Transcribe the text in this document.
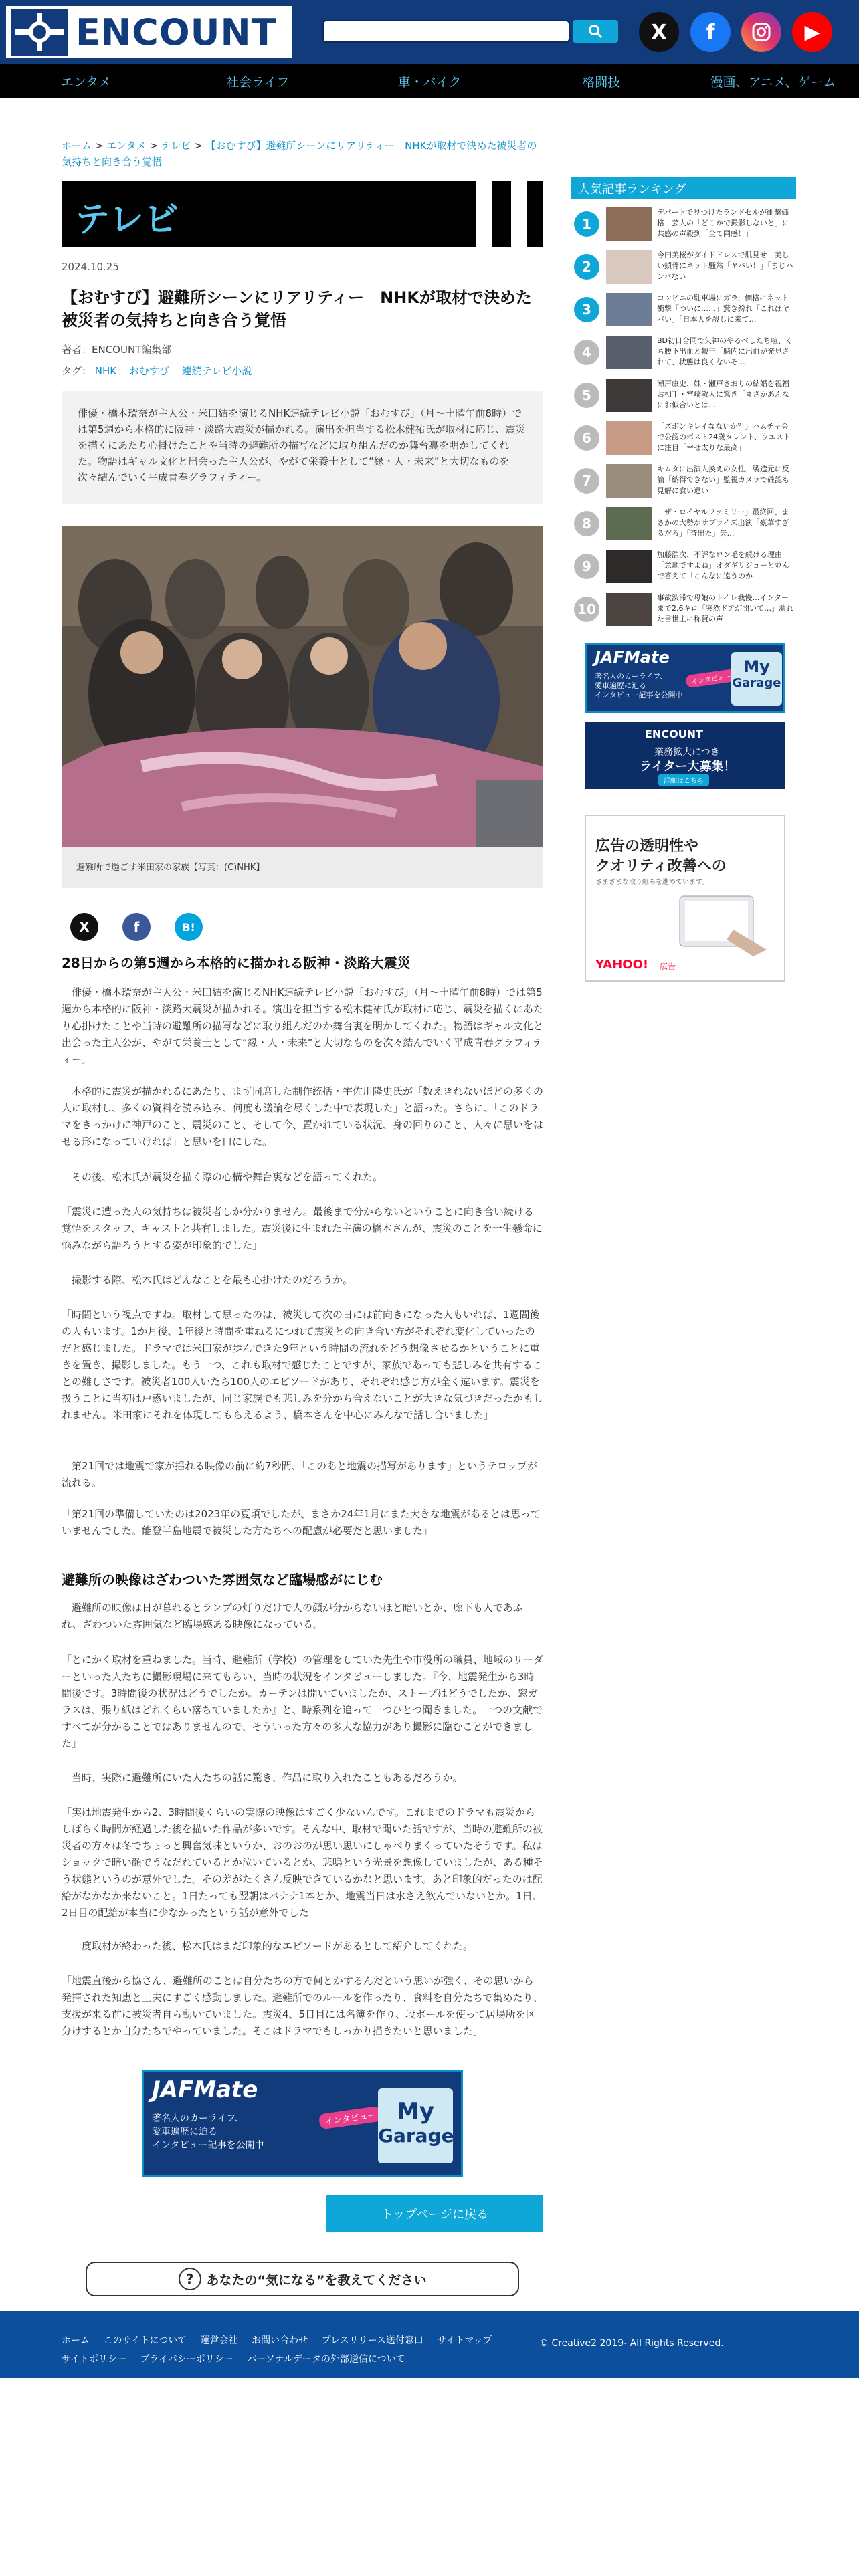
ENCOUNT	X	f	▶
エンタメ	社会ライフ	車・バイク	格闘技	漫画、アニメ、ゲーム
ホーム > エンタメ > テレビ > 【おむすび】避難所シーンにリアリティー　NHKが取材で決めた被災者の気持ちと向き合う覚悟
テレビ
2024.10.25
【おむすび】避難所シーンにリアリティー　NHKが取材で決めた被災者の気持ちと向き合う覚悟
著者：ENCOUNT編集部
タグ： NHK おむすび 連続テレビ小説
俳優・橋本環奈が主人公・米田結を演じるNHK連続テレビ小説「おむすび」（月〜土曜午前8時）では第5週から本格的に阪神・淡路大震災が描かれる。演出を担当する松木健祐氏が取材に応じ、震災を描くにあたり心掛けたことや当時の避難所の描写などに取り組んだのか舞台裏を明かしてくれた。物語はギャル文化と出会った主人公が、やがて栄養士として“縁・人・未来”と大切なものを次々結んでいく平成青春グラフィティー。
避難所で過ごす米田家の家族【写真：(C)NHK】
X	f	B!
28日からの第5週から本格的に描かれる阪神・淡路大震災

　俳優・橋本環奈が主人公・米田結を演じるNHK連続テレビ小説「おむすび」（月〜土曜午前8時）では第5週から本格的に阪神・淡路大震災が描かれる。演出を担当する松木健祐氏が取材に応じ、震災を描くにあたり心掛けたことや当時の避難所の描写などに取り組んだのか舞台裏を明かしてくれた。物語はギャル文化と出会った主人公が、やがて栄養士として“縁・人・未来”と大切なものを次々結んでいく平成青春グラフィティー。

　本格的に震災が描かれるにあたり、まず同席した制作統括・宇佐川隆史氏が「数えきれないほどの多くの人に取材し、多くの資料を読み込み、何度も議論を尽くした中で表現した」と語った。さらに、「このドラマをきっかけに神戸のこと、震災のこと、そして今、置かれている状況、身の回りのこと、人々に思いをはせる形になっていければ」と思いを口にした。

　その後、松木氏が震災を描く際の心構や舞台裏などを語ってくれた。

「震災に遭った人の気持ちは被災者しか分かりません。最後まで分からないということに向き合い続ける覚悟をスタッフ、キャストと共有しました。震災後に生まれた主演の橋本さんが、震災のことを一生懸命に悩みながら語ろうとする姿が印象的でした」

　撮影する際、松木氏はどんなことを最も心掛けたのだろうか。

「時間という視点ですね。取材して思ったのは、被災して次の日には前向きになった人もいれば、1週間後の人もいます。1か月後、1年後と時間を重ねるにつれて震災との向き合い方がそれぞれ変化していったのだと感じました。ドラマでは米田家が歩んできた9年という時間の流れをどう想像させるかということに重きを置き、撮影しました。もう一つ、これも取材で感じたことですが、家族であっても悲しみを共有することの難しさです。被災者100人いたら100人のエピソードがあり、それぞれ感じ方が全く違います。震災を扱うことに当初は戸惑いましたが、同じ家族でも悲しみを分かち合えないことが大きな気づきだったかもしれません。米田家にそれを体現してもらえるよう、橋本さんを中心にみんなで話し合いました」

　第21回では地震で家が揺れる映像の前に約7秒間、「このあと地震の描写があります」というテロップが流れる。

「第21回の準備していたのは2023年の夏頃でしたが、まさか24年1月にまた大きな地震があるとは思っていませんでした。能登半島地震で被災した方たちへの配慮が必要だと思いました」

避難所の映像はざわついた雰囲気など臨場感がにじむ

　避難所の映像は日が暮れるとランプの灯りだけで人の顔が分からないほど暗いとか、廊下も人であふれ、ざわついた雰囲気など臨場感ある映像になっている。

「とにかく取材を重ねました。当時、避難所（学校）の管理をしていた先生や市役所の職員、地域のリーダーといった人たちに撮影現場に来てもらい、当時の状況をインタビューしました。『今、地震発生から3時間後です。3時間後の状況はどうでしたか。カーテンは開いていましたか、ストーブはどうでしたか、窓ガラスは、張り紙はどれくらい落ちていましたか』と、時系列を追って一つひとつ聞きました。一つの文献ですべてが分かることではありませんので、そういった方々の多大な協力があり撮影に臨むことができました」

　当時、実際に避難所にいた人たちの話に驚き、作品に取り入れたこともあるだろうか。

「実は地震発生から2、3時間後くらいの実際の映像はすごく少ないんです。これまでのドラマも震災からしばらく時間が経過した後を描いた作品が多いです。そんな中、取材で聞いた話ですが、当時の避難所の被災者の方々は冬でちょっと興奮気味というか、おのおのが思い思いにしゃべりまくっていたそうです。私はショックで暗い顔でうなだれているとか泣いているとか、悲鳴という光景を想像していましたが、ある種そう状態というのが意外でした。その差がたくさん反映できているかなと思います。あと印象的だったのは配給がなかなか来ないこと。1日たっても翌朝はバナナ1本とか、地震当日は水さえ飲んでいないとか。1日、2日目の配給が本当に少なかったという話が意外でした」

　一度取材が終わった後、松木氏はまだ印象的なエピソードがあるとして紹介してくれた。

「地震直後から協さん、避難所のことは自分たちの方で何とかするんだという思いが強く、その思いから発揮された知恵と工夫にすごく感動しました。避難所でのルールを作ったり、食料を自分たちで集めたり、支援が来る前に被災者自ら動いていました。震災4、5日目には名簿を作り、段ボールを使って居場所を区分けするとか自分たちでやっていました。そこはドラマでもしっかり描きたいと思いました」

JAFMate
著名人のカーライフ、
愛車遍歴に迫る
インタビュー記事を公開中
インタビュー My
Garage
トップページに戻る
?	あなたの“気になる”を教えてください
人気記事ランキング
1
デパートで見つけたランドセルが衝撃価格　芸人の「どこかで撮影しないと」に共感の声殺到「全て同感！」
2
今田美桜がダイドドレスで肌見せ　美しい鎖骨にネット騒然「ヤバい！」「まじハンパない」
3
コンビニの駐車場にガラ、価格にネット衝撃「ついに……」驚き紛れ「これはヤバい」「日本人を殺しに来て…
4
BD初日合同で矢神のやるべしたち喧、くち腰下出血と報告「脳内に出血が発見されて、状態は良くないそ…
5
瀬戸康史、妹・瀬戸さおりの結婚を祝福　お相手・宮崎敏人に驚き「まさかあんなにお似合いとは…
6
「ズボンキレイなないか？」ハムチャ会で公認のポスト24歳タレント、ウエストに注目「幸せ太りな最高」
7
キムタに出演人換えの女性、製造元に反論「納得できない」監視カメラで確認も見解に食い違い
8
「ザ・ロイヤルファミリー」最終回、まさかの大勢がサプライズ出演「豪華すぎるだろ」「斉出た」矢…
9
加藤浩次、不評なロン毛を続ける理由「意地ですよね」オダギリジョーと並んで答えて「こんなに遠うのか
10
事故渋滞で母娘のトイレ我慢…インターまで2.6キロ「突然ドアが開いて…」潰れた書世主に称賛の声
JAFMate
著名人のカーライフ、
愛車遍歴に迫る
インタビュー記事を公開中
インタビュー
My
Garage
ENCOUNT
業務拡大につき
ライター大募集！
詳細はこちら
広告の透明性や
クオリティ改善への
さまざまな取り組みを進めています。
YAHOO! 広告
ホーム このサイトについて 運営会社 お問い合わせ プレスリリース送付窓口 サイトマップ
サイトポリシー プライバシーポリシー パーソナルデータの外部送信について
© Creative2 2019- All Rights Reserved.
